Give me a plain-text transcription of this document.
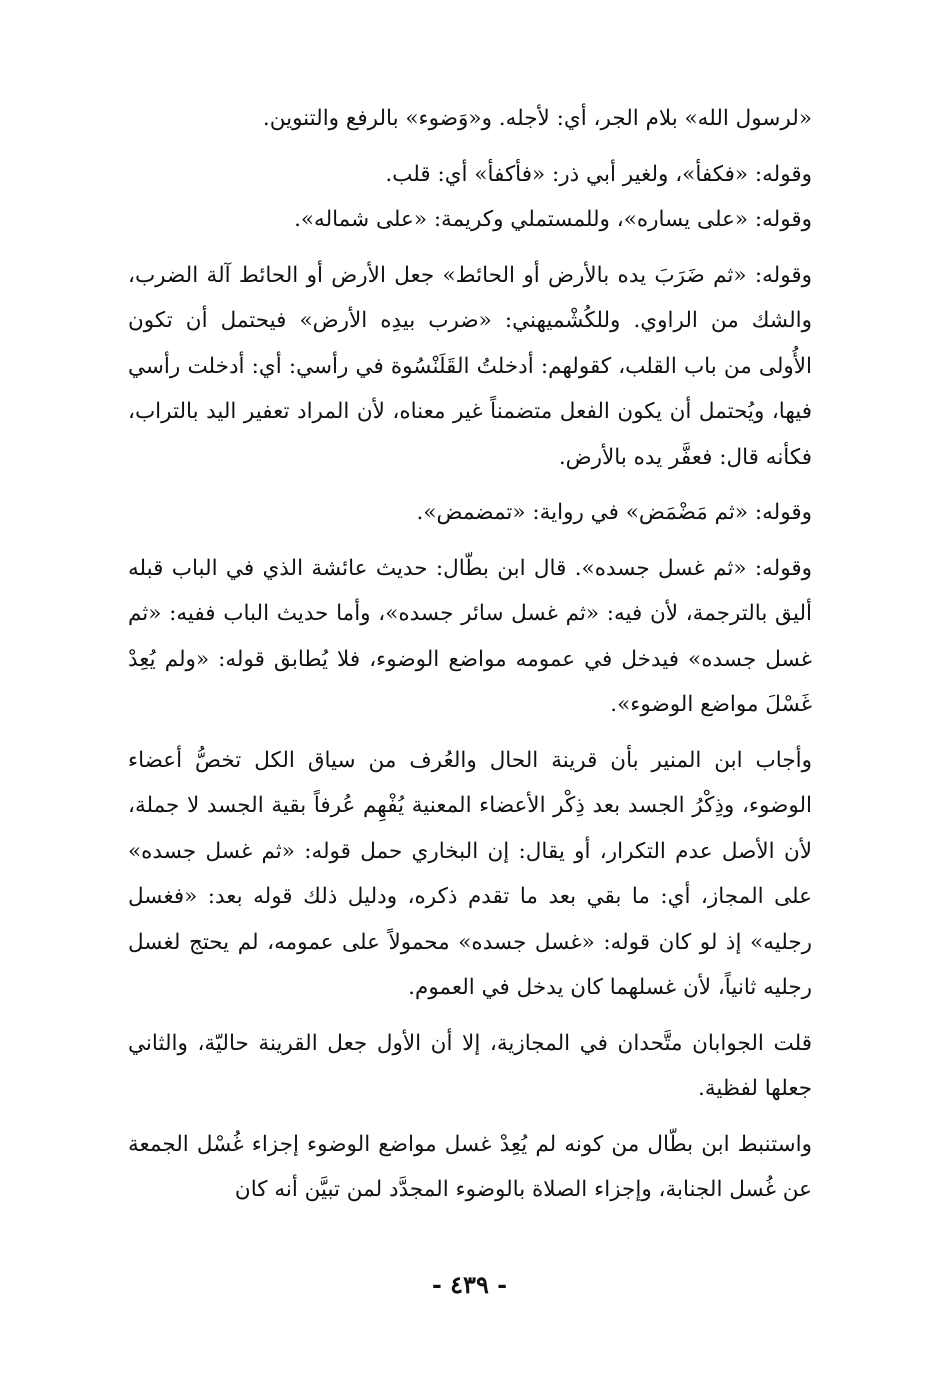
«لرسول الله» بلام الجر، أي: لأجله. و«وَضوء» بالرفع والتنوين.

وقوله: «فكفأ»، ولغير أبي ذر: «فأكفأ» أي: قلب.

وقوله: «على يساره»، وللمستملي وكريمة: «على شماله».

وقوله: «ثم ضَرَبَ يده بالأرض أو الحائط» جعل الأرض أو الحائط آلة الضرب، والشك من الراوي. وللكُشْميهني: «ضرب بيدِه الأرض» فيحتمل أن تكون الأُولى من باب القلب، كقولهم: أدخلتُ القَلَنْسُوة في رأسي: أي: أدخلت رأسي فيها، ويُحتمل أن يكون الفعل متضمناً غير معناه، لأن المراد تعفير اليد بالتراب، فكأنه قال: فعفَّر يده بالأرض.

وقوله: «ثم مَضْمَض» في رواية: «تمضمض».

وقوله: «ثم غسل جسده». قال ابن بطّال: حديث عائشة الذي في الباب قبله أليق بالترجمة، لأن فيه: «ثم غسل سائر جسده»، وأما حديث الباب ففيه: «ثم غسل جسده» فيدخل في عمومه مواضع الوضوء، فلا يُطابق قوله: «ولم يُعِدْ غَسْلَ مواضع الوضوء».

وأجاب ابن المنير بأن قرينة الحال والعُرف من سياق الكل تخصُّ أعضاء الوضوء، وذِكْرُ الجسد بعد ذِكْر الأعضاء المعنية يُفْهِم عُرفاً بقية الجسد لا جملة، لأن الأصل عدم التكرار، أو يقال: إن البخاري حمل قوله: «ثم غسل جسده» على المجاز، أي: ما بقي بعد ما تقدم ذكره، ودليل ذلك قوله بعد: «فغسل رجليه» إذ لو كان قوله: «غسل جسده» محمولاً على عمومه، لم يحتج لغسل رجليه ثانياً، لأن غسلهما كان يدخل في العموم.

قلت الجوابان متَّحدان في المجازية، إلا أن الأول جعل القرينة حاليّة، والثاني جعلها لفظية.

واستنبط ابن بطّال من كونه لم يُعِدْ غسل مواضع الوضوء إجزاء غُسْل الجمعة عن غُسل الجنابة، وإجزاء الصلاة بالوضوء المجدَّد لمن تبيَّن أنه كان

- ٤٣٩ -
